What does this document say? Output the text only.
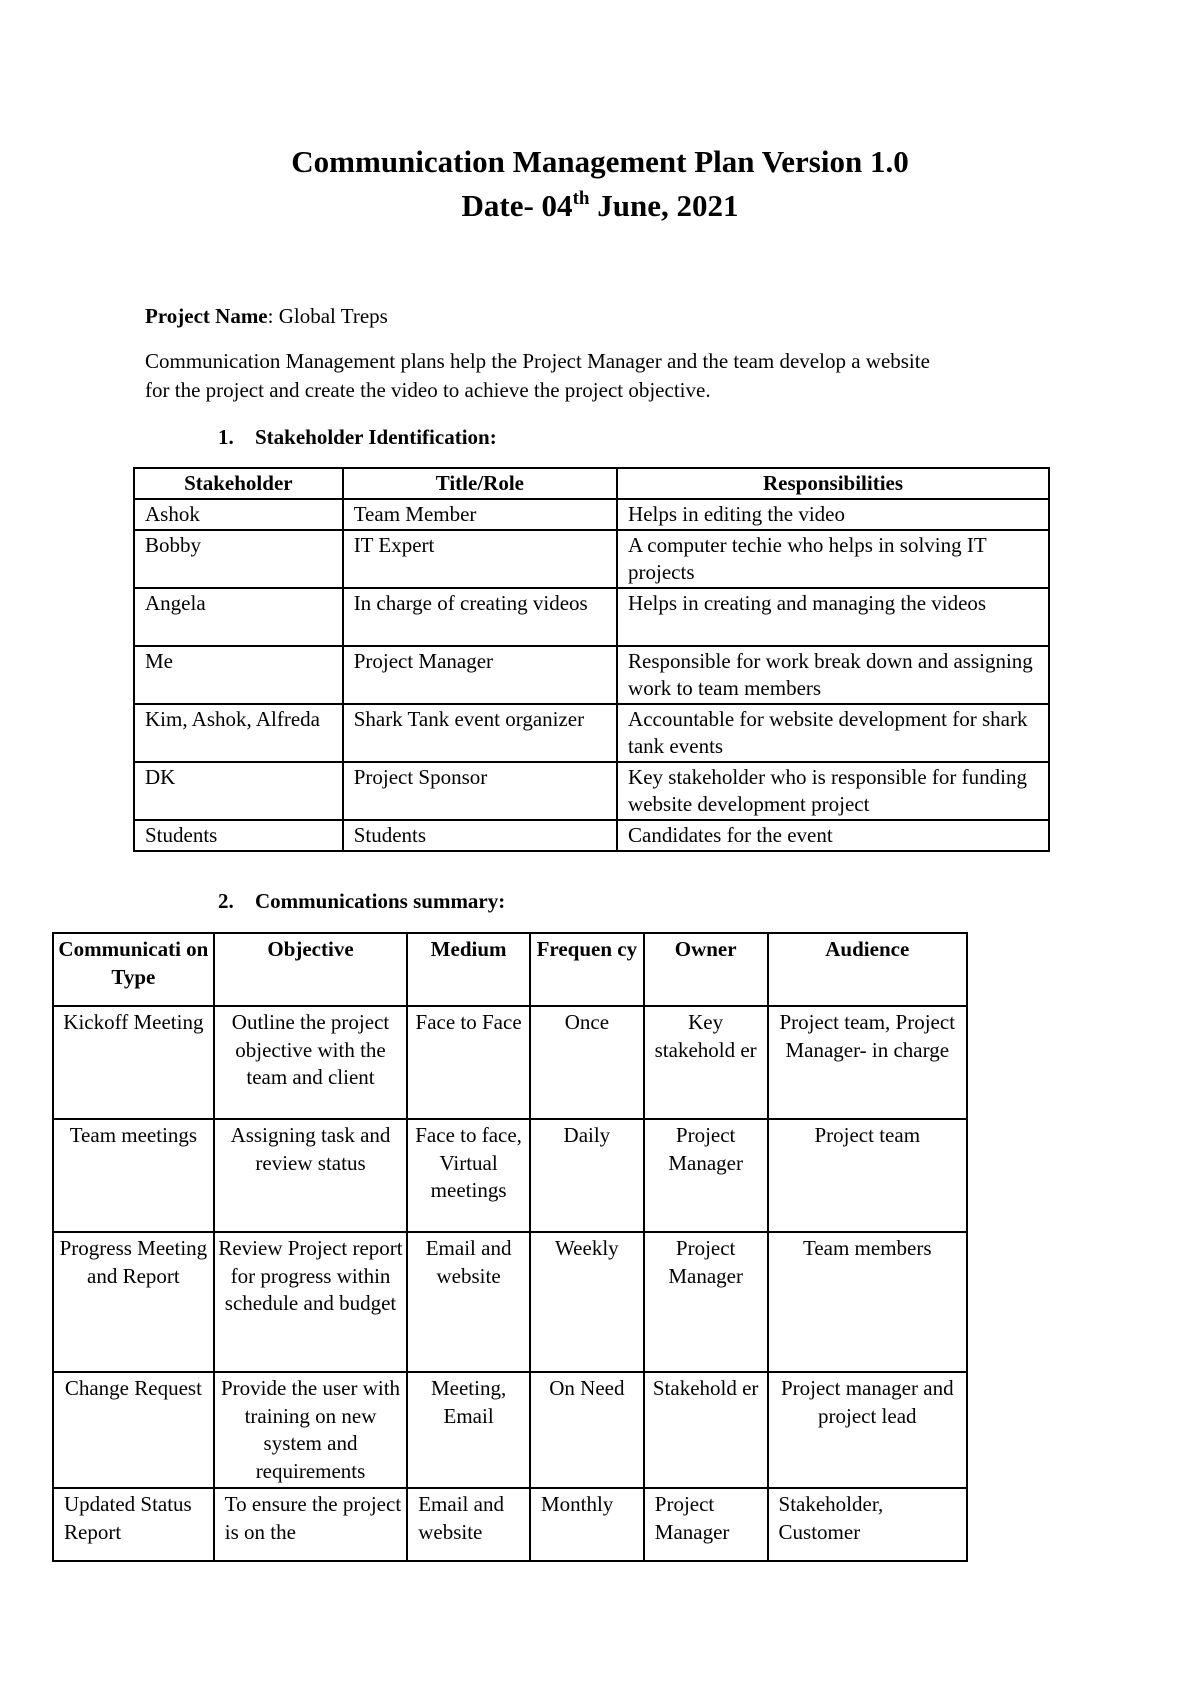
Communication Management Plan Version 1.0
Date- 04th June, 2021
Project Name: Global Treps
Communication Management plans help the Project Manager and the team develop a website
for the project and create the video to achieve the project objective.
1. Stakeholder Identification:
Stakeholder	Title/Role	Responsibilities
Ashok	Team Member	Helps in editing the video
Bobby	IT Expert	A computer techie who helps in solving IT projects
Angela	In charge of creating videos	Helps in creating and managing the videos
Me	Project Manager	Responsible for work break down and assigning work to team members
Kim, Ashok, Alfreda	Shark Tank event organizer	Accountable for website development for shark tank events
DK	Project Sponsor	Key stakeholder who is responsible for funding website development project
Students	Students	Candidates for the event
2. Communications summary:
Communicati on Type	Objective	Medium	Frequen cy	Owner	Audience
Kickoff Meeting	Outline the project objective with the team and client	Face to Face	Once	Key stakehold er	Project team, Project Manager- in charge
Team meetings	Assigning task and review status	Face to face, Virtual meetings	Daily	Project Manager	Project team
Progress Meeting and Report	Review Project report for progress within schedule and budget	Email and website	Weekly	Project Manager	Team members
Change Request	Provide the user with training on new system and requirements	Meeting, Email	On Need	Stakehold er	Project manager and project lead
Updated Status Report	To ensure the project is on the	Email and website	Monthly	Project Manager	Stakeholder, Customer
